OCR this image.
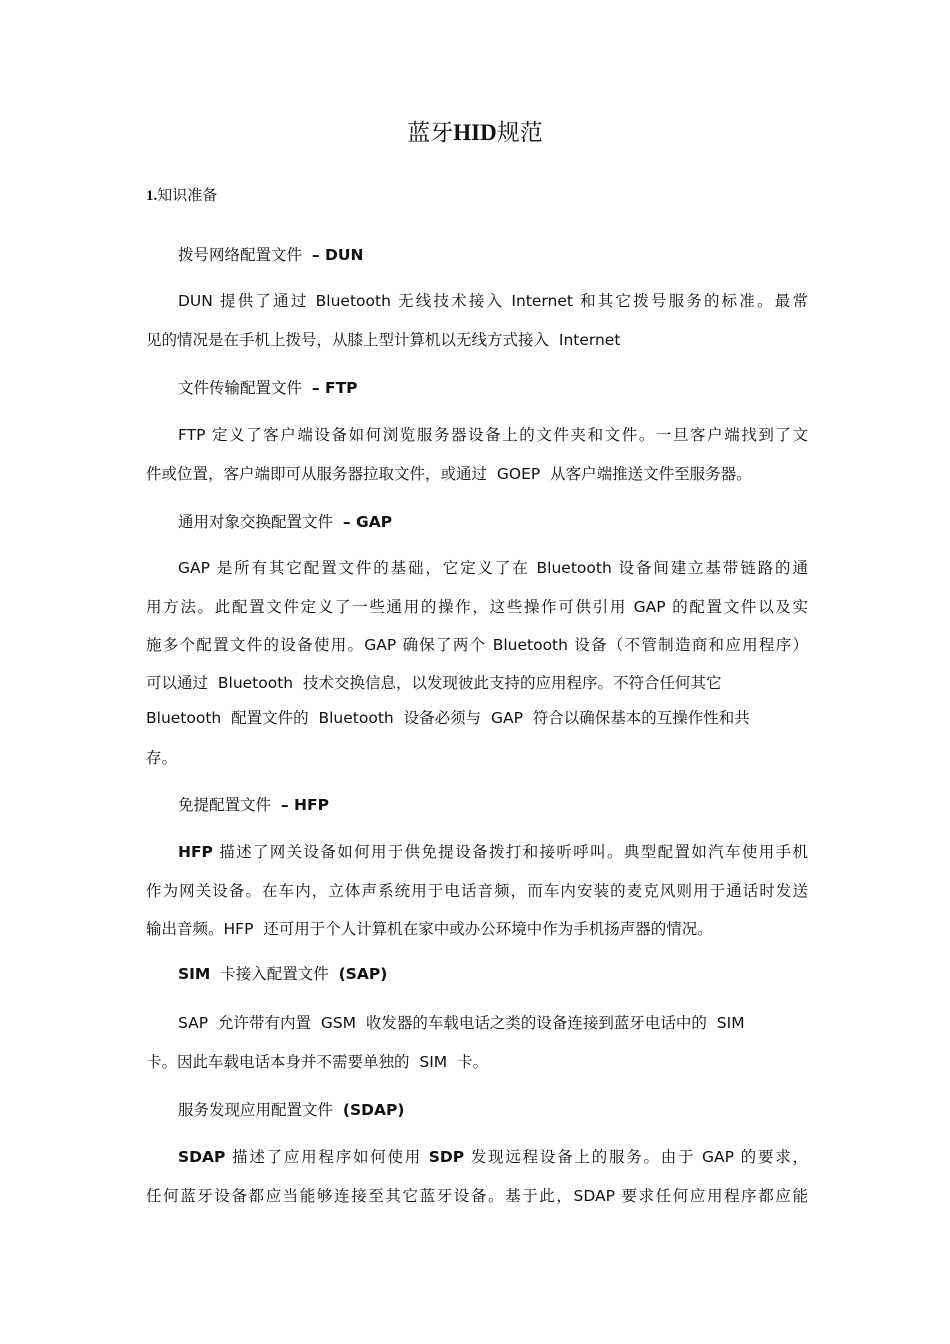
蓝牙HID规范
1.知识准备
拨号网络配置文件 – DUN
DUN 提供了通过 Bluetooth 无线技术接入 Internet 和其它拨号服务的标准。最常
见的情况是在手机上拨号，从膝上型计算机以无线方式接入 Internet
文件传输配置文件 – FTP
FTP 定义了客户端设备如何浏览服务器设备上的文件夹和文件。一旦客户端找到了文
件或位置，客户端即可从服务器拉取文件，或通过 GOEP 从客户端推送文件至服务器。
通用对象交换配置文件 – GAP
GAP 是所有其它配置文件的基础，它定义了在 Bluetooth 设备间建立基带链路的通
用方法。此配置文件定义了一些通用的操作，这些操作可供引用 GAP 的配置文件以及实
施多个配置文件的设备使用。GAP 确保了两个 Bluetooth 设备（不管制造商和应用程序）
可以通过 Bluetooth 技术交换信息，以发现彼此支持的应用程序。不符合任何其它
Bluetooth 配置文件的 Bluetooth 设备必须与 GAP 符合以确保基本的互操作性和共
存。
免提配置文件 – HFP
HFP 描述了网关设备如何用于供免提设备拨打和接听呼叫。典型配置如汽车使用手机
作为网关设备。在车内，立体声系统用于电话音频，而车内安装的麦克风则用于通话时发送
输出音频。HFP 还可用于个人计算机在家中或办公环境中作为手机扬声器的情况。
SIM 卡接入配置文件 (SAP)
SAP 允许带有内置 GSM 收发器的车载电话之类的设备连接到蓝牙电话中的 SIM
卡。因此车载电话本身并不需要单独的 SIM 卡。
服务发现应用配置文件 (SDAP)
SDAP 描述了应用程序如何使用 SDP 发现远程设备上的服务。由于 GAP 的要求，
任何蓝牙设备都应当能够连接至其它蓝牙设备。基于此，SDAP 要求任何应用程序都应能
